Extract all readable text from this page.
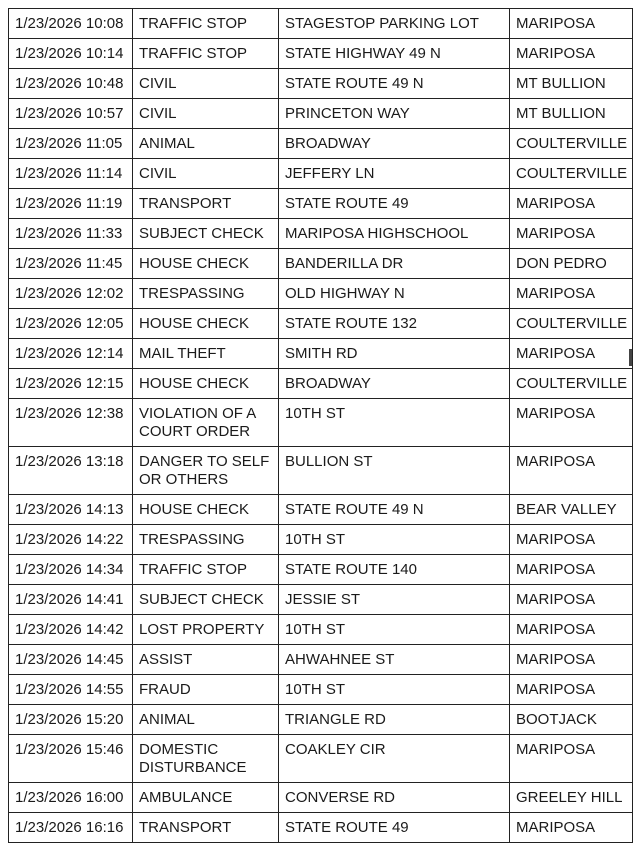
1/23/2026 10:08	TRAFFIC STOP	STAGESTOP PARKING LOT	MARIPOSA
1/23/2026 10:14	TRAFFIC STOP	STATE HIGHWAY 49 N	MARIPOSA
1/23/2026 10:48	CIVIL	STATE ROUTE 49 N	MT BULLION
1/23/2026 10:57	CIVIL	PRINCETON WAY	MT BULLION
1/23/2026 11:05	ANIMAL	BROADWAY	COULTERVILLE
1/23/2026 11:14	CIVIL	JEFFERY LN	COULTERVILLE
1/23/2026 11:19	TRANSPORT	STATE ROUTE 49	MARIPOSA
1/23/2026 11:33	SUBJECT CHECK	MARIPOSA HIGHSCHOOL	MARIPOSA
1/23/2026 11:45	HOUSE CHECK	BANDERILLA DR	DON PEDRO
1/23/2026 12:02	TRESPASSING	OLD HIGHWAY N	MARIPOSA
1/23/2026 12:05	HOUSE CHECK	STATE ROUTE 132	COULTERVILLE
1/23/2026 12:14	MAIL THEFT	SMITH RD	MARIPOSA
1/23/2026 12:15	HOUSE CHECK	BROADWAY	COULTERVILLE
1/23/2026 12:38	VIOLATION OF A COURT ORDER	10TH ST	MARIPOSA
1/23/2026 13:18	DANGER TO SELF OR OTHERS	BULLION ST	MARIPOSA
1/23/2026 14:13	HOUSE CHECK	STATE ROUTE 49 N	BEAR VALLEY
1/23/2026 14:22	TRESPASSING	10TH ST	MARIPOSA
1/23/2026 14:34	TRAFFIC STOP	STATE ROUTE 140	MARIPOSA
1/23/2026 14:41	SUBJECT CHECK	JESSIE ST	MARIPOSA
1/23/2026 14:42	LOST PROPERTY	10TH ST	MARIPOSA
1/23/2026 14:45	ASSIST	AHWAHNEE ST	MARIPOSA
1/23/2026 14:55	FRAUD	10TH ST	MARIPOSA
1/23/2026 15:20	ANIMAL	TRIANGLE RD	BOOTJACK
1/23/2026 15:46	DOMESTIC DISTURBANCE	COAKLEY CIR	MARIPOSA
1/23/2026 16:00	AMBULANCE	CONVERSE RD	GREELEY HILL
1/23/2026 16:16	TRANSPORT	STATE ROUTE 49	MARIPOSA
